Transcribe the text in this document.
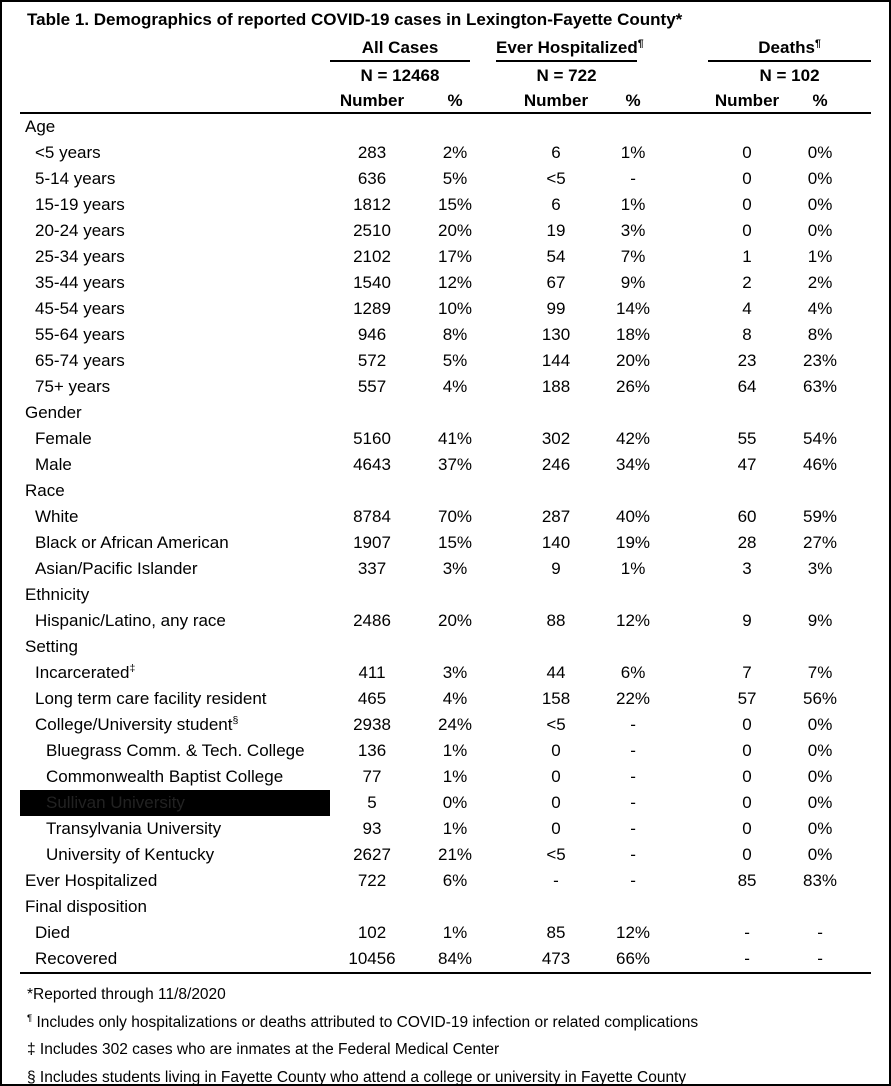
Table 1. Demographics of reported COVID-19 cases in Lexington-Fayette County*

	All Cases		Ever Hospitalized¶		Deaths¶

	N = 12468		N = 722		N = 102	

	Number	%	Number	%	Number	%
Age						
<5 years	283	2%	6	1%	0	0%
5-14 years	636	5%	<5	-	0	0%
15-19 years	1812	15%	6	1%	0	0%
20-24 years	2510	20%	19	3%	0	0%
25-34 years	2102	17%	54	7%	1	1%
35-44 years	1540	12%	67	9%	2	2%
45-54 years	1289	10%	99	14%	4	4%
55-64 years	946	8%	130	18%	8	8%
65-74 years	572	5%	144	20%	23	23%
75+ years	557	4%	188	26%	64	63%
Gender						
Female	5160	41%	302	42%	55	54%
Male	4643	37%	246	34%	47	46%
Race						
White	8784	70%	287	40%	60	59%
Black or African American	1907	15%	140	19%	28	27%
Asian/Pacific Islander	337	3%	9	1%	3	3%
Ethnicity						
Hispanic/Latino, any race	2486	20%	88	12%	9	9%
Setting						
Incarcerated‡	411	3%	44	6%	7	7%
Long term care facility resident	465	4%	158	22%	57	56%
College/University student§	2938	24%	<5	-	0	0%
Bluegrass Comm. & Tech. College	136	1%	0	-	0	0%
Commonwealth Baptist College	77	1%	0	-	0	0%

Sullivan University	5	0%	0	-	0	0%
Transylvania University	93	1%	0	-	0	0%
University of Kentucky	2627	21%	<5	-	0	0%
Ever Hospitalized	722	6%	-	-	85	83%
Final disposition						
Died	102	1%	85	12%	-	-
Recovered	10456	84%	473	66%	-	-
*Reported through 11/8/2020
¶ Includes only hospitalizations or deaths attributed to COVID-19 infection or related complications
‡ Includes 302 cases who are inmates at the Federal Medical Center
§ Includes students living in Fayette County who attend a college or university in Fayette County
